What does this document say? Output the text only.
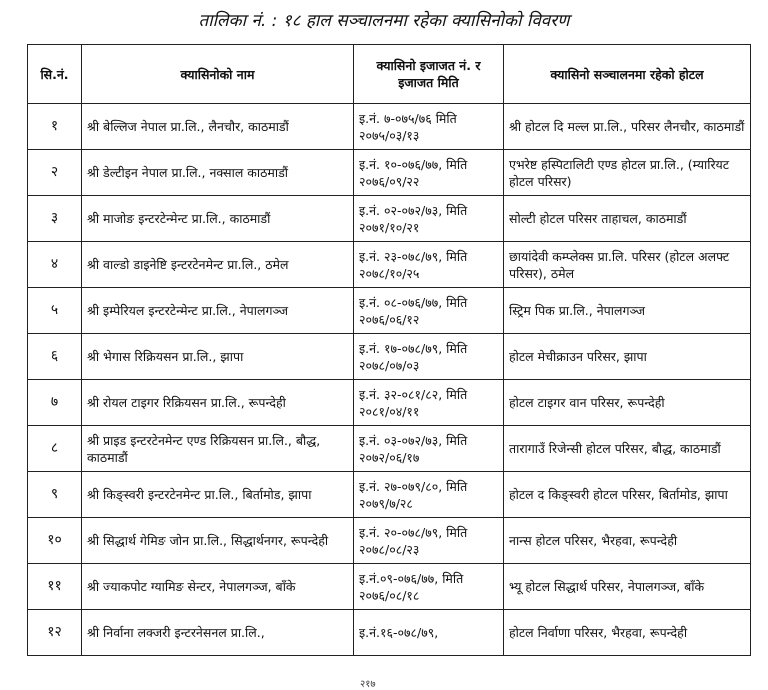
तालिका नं. : १८ हाल सञ्चालनमा रहेका क्यासिनोको विवरण
सि.नं.	क्यासिनोको नाम	क्यासिनो इजाजत नं. र इजाजत मिति	क्यासिनो सञ्चालनमा रहेको होटल
१	श्री बेल्लिज नेपाल प्रा.लि., लैनचौर, काठमाडौं	इ.नं. ७-०७५/७६ मिति २०७५/०३/१३	श्री होटल दि मल्ल प्रा.लि., परिसर लैनचौर, काठमाडौं
२	श्री डेल्टीइन नेपाल प्रा.लि., नक्साल काठमाडौं	इ.नं. १०-०७६/७७, मिति २०७६/०९/२२	एभरेष्ट हस्पिटालिटी एण्ड होटल प्रा.लि., (म्यारियट होटल परिसर)
३	श्री माजोङ इन्टरटेन्मेन्ट प्रा.लि., काठमाडौं	इ.नं. ०२-०७२/७३, मिति २०७१/१०/२१	सोल्टी होटल परिसर ताहाचल, काठमाडौं
४	श्री वाल्डो डाइनेष्टि इन्टरटेनमेन्ट प्रा.लि., ठमेल	इ.नं. २३-०७८/७९, मिति २०७८/१०/२५	छायांदेवी कम्प्लेक्स प्रा.लि. परिसर (होटल अलफ्ट परिसर), ठमेल
५	श्री इम्पेरियल इन्टरटेन्मेन्ट प्रा.लि., नेपालगञ्ज	इ.नं. ०८-०७६/७७, मिति २०७६/०६/१२	स्ट्रिम पिक प्रा.लि., नेपालगञ्ज
६	श्री भेगास रिक्रियसन प्रा.लि., झापा	इ.नं. १७-०७८/७९, मिति २०७८/०७/०३	होटल मेचीक्राउन परिसर, झापा
७	श्री रोयल टाइगर रिक्रियसन प्रा.लि., रूपन्देही	इ.नं. ३२-०८१/८२, मिति २०८१/०४/११	होटल टाइगर वान परिसर, रूपन्देही
८	श्री प्राइड इन्टरटेनमेन्ट एण्ड रिक्रियसन प्रा.लि., बौद्ध, काठमाडौं	इ.नं. ०३-०७२/७३, मिति २०७२/०६/१७	तारागाउँ रिजेन्सी होटल परिसर, बौद्ध, काठमाडौं
९	श्री किङ्स्वरी इन्टरटेनमेन्ट प्रा.लि., बिर्तामोड, झापा	इ.नं. २७-०७९/८०, मिति २०७९/७/२८	होटल द किङ्स्वरी होटल परिसर, बिर्तामोड, झापा
१०	श्री सिद्धार्थ गेमिङ जोन प्रा.लि., सिद्धार्थनगर, रूपन्देही	इ.नं. २०-०७८/७९, मिति २०७८/०८/२३	नान्स होटल परिसर, भैरहवा, रूपन्देही
११	श्री ज्याकपोट ग्यामिङ सेन्टर, नेपालगञ्ज, बाँके	इ.नं.०९-०७६/७७, मिति २०७६/०८/१८	भ्यू होटल सिद्धार्थ परिसर, नेपालगञ्ज, बाँके
१२	श्री निर्वाना लक्जरी इन्टरनेसनल प्रा.लि.,	इ.नं.१६-०७८/७९,	होटल निर्वाणा परिसर, भैरहवा, रूपन्देही
२१७
